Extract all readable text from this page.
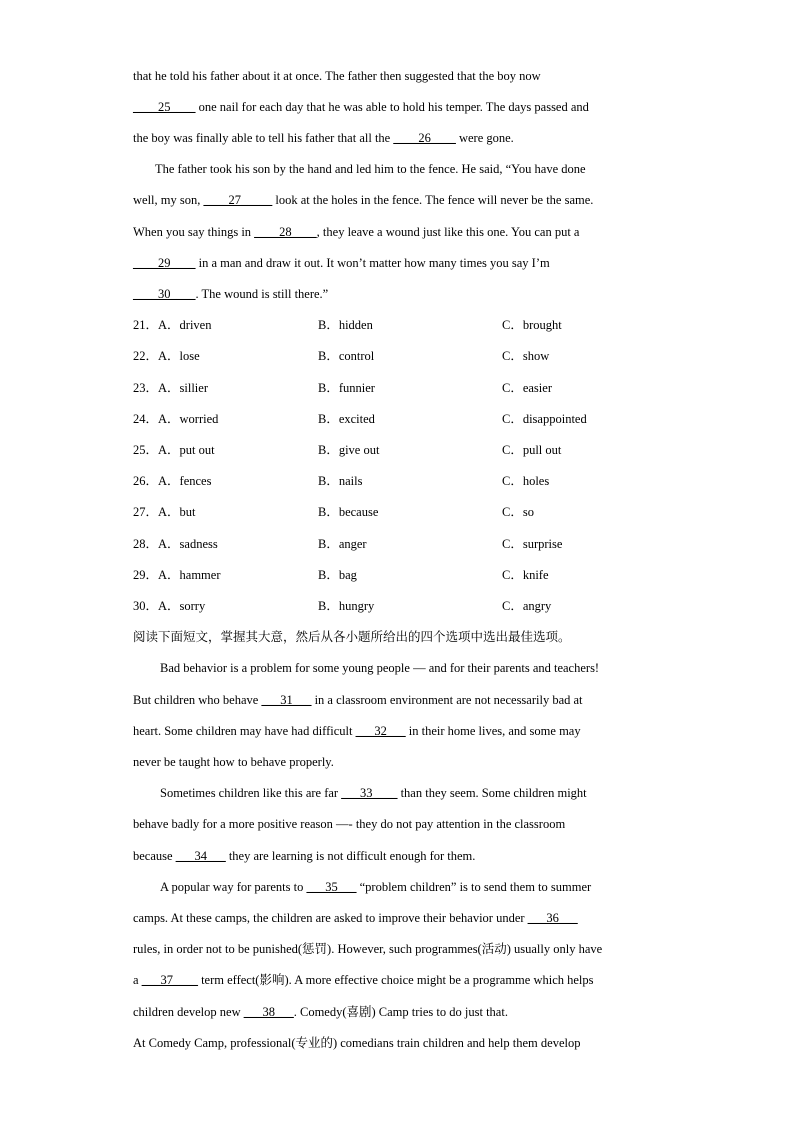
that he told his father about it at once. The father then suggested that the boy now
____25____ one nail for each day that he was able to hold his temper. The days passed and
the boy was finally able to tell his father that all the ____26____ were gone.
The father took his son by the hand and led him to the fence. He said, “You have done
well, my son, ____27_____ look at the holes in the fence. The fence will never be the same.
When you say things in ____28____, they leave a wound just like this one. You can put a
____29____ in a man and draw it out. It won’t matter how many times you say I’m
____30____. The wound is still there.”
21．A．driven	B．hidden	C．brought
22．A．lose	B．control	C．show
23．A．sillier	B．funnier	C．easier
24．A．worried	B．excited	C．disappointed
25．A．put out	B．give out	C．pull out
26．A．fences	B．nails	C．holes
27．A．but	B．because	C．so
28．A．sadness	B．anger	C．surprise
29．A．hammer	B．bag	C．knife
30．A．sorry	B．hungry	C．angry
阅读下面短文，掌握其大意，然后从各小题所给出的四个选项中选出最佳选项。
Bad behavior is a problem for some young people — and for their parents and teachers!
But children who behave ___31___ in a classroom environment are not necessarily bad at
heart. Some children may have had difficult ___32___ in their home lives, and some may
never be taught how to behave properly.
Sometimes children like this are far ___33____ than they seem. Some children might
behave badly for a more positive reason —- they do not pay attention in the classroom
because ___34___ they are learning is not difficult enough for them.
A popular way for parents to ___35___ “problem children” is to send them to summer
camps. At these camps, the children are asked to improve their behavior under ___36___
rules, in order not to be punished(惩罚). However, such programmes(活动) usually only have
a ___37____ term effect(影响). A more effective choice might be a programme which helps
children develop new ___38___. Comedy(喜剧) Camp tries to do just that.
At Comedy Camp, professional(专业的) comedians train children and help them develop
